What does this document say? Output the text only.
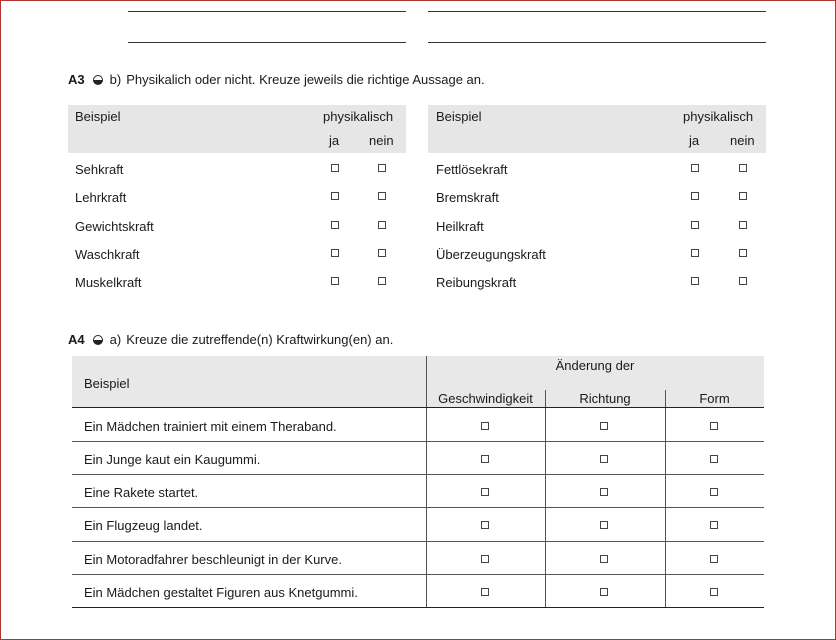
A3 b) Physikalich oder nicht. Kreuze jeweils die richtige Aussage an.
Beispiel	physikalisch
ja nein
Sehkraft
Lehrkraft
Gewichtskraft
Waschkraft
Muskelkraft
Beispiel	physikalisch
ja nein
Fettlösekraft
Bremskraft
Heilkraft
Überzeugungskraft
Reibungskraft
A4 a) Kreuze die zutreffende(n) Kraftwirkung(en) an.
Beispiel
Änderung der
Geschwindigkeit	Richtung	Form
Ein Mädchen trainiert mit einem Theraband.
Ein Junge kaut ein Kaugummi.
Eine Rakete startet.
Ein Flugzeug landet.
Ein Motoradfahrer beschleunigt in der Kurve.
Ein Mädchen gestaltet Figuren aus Knetgummi.
